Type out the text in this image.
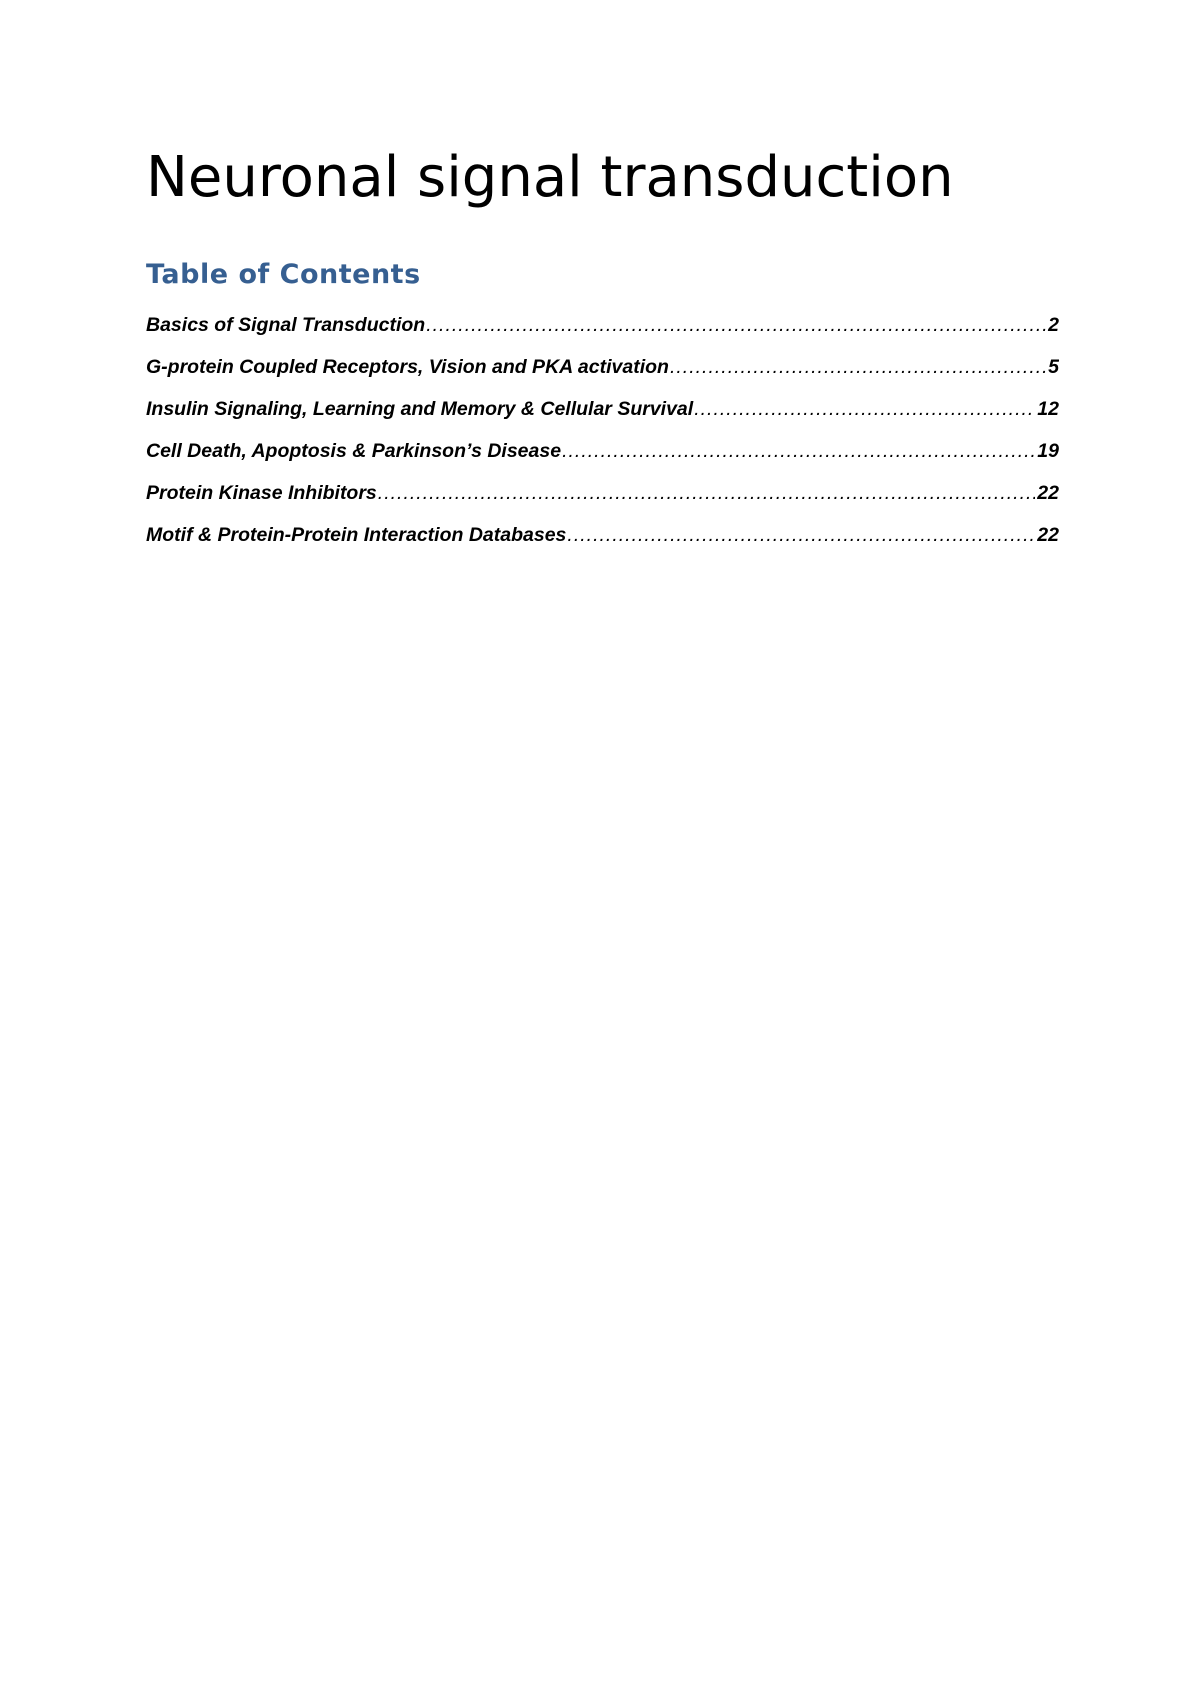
Neuronal signal transduction
Table of Contents
Basics of Signal Transduction .....	2
G-protein Coupled Receptors, Vision and PKA activation .....	5
Insulin Signaling, Learning and Memory & Cellular Survival .....	12
Cell Death, Apoptosis & Parkinson’s Disease .....	19
Protein Kinase Inhibitors .....	22
Motif & Protein-Protein Interaction Databases .....	22
